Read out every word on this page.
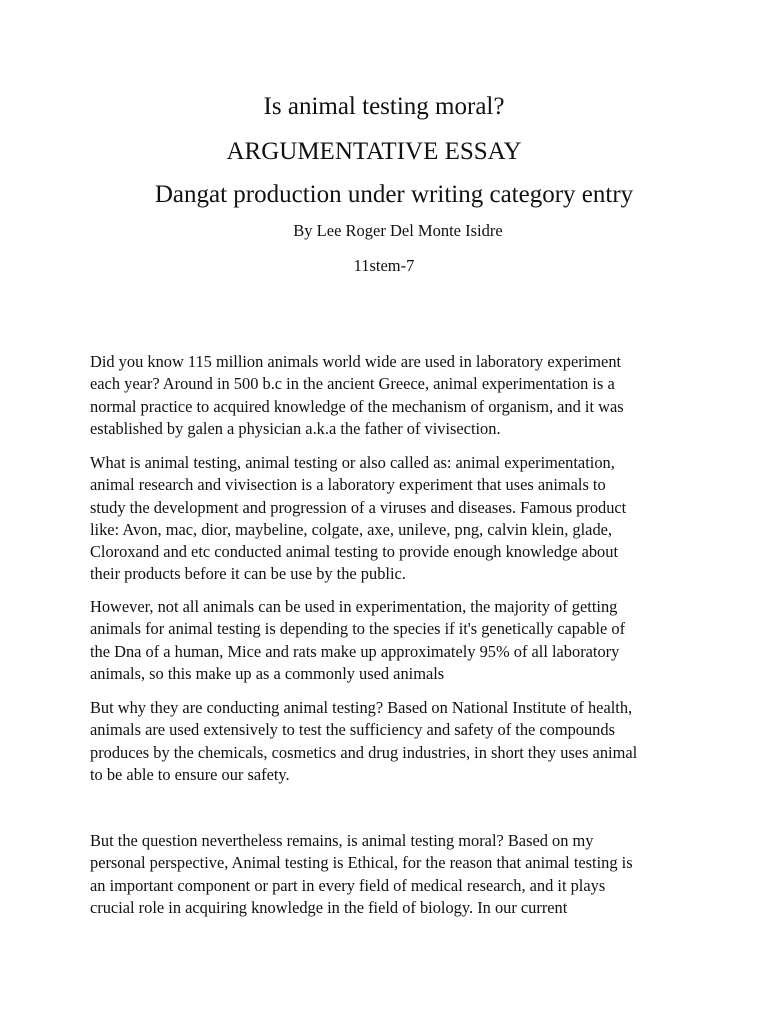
Is animal testing moral?
ARGUMENTATIVE ESSAY
Dangat production under writing category entry
By Lee Roger Del Monte Isidre
11stem-7

Did you know 115 million animals world wide are used in laboratory experiment
each year? Around in 500 b.c in the ancient Greece, animal experimentation is a
normal practice to acquired knowledge of the mechanism of organism, and it was
established by galen a physician a.k.a the father of vivisection.

What is animal testing, animal testing or also called as: animal experimentation,
animal research and vivisection is a laboratory experiment that uses animals to
study the development and progression of a viruses and diseases. Famous product
like: Avon, mac, dior, maybeline, colgate, axe, unileve, png, calvin klein, glade,
Cloroxand and etc conducted animal testing to provide enough knowledge about
their products before it can be use by the public.

However, not all animals can be used in experimentation, the majority of getting
animals for animal testing is depending to the species if it's genetically capable of
the Dna of a human, Mice and rats make up approximately 95% of all laboratory
animals, so this make up as a commonly used animals

But why they are conducting animal testing? Based on National Institute of health,
animals are used extensively to test the sufficiency and safety of the compounds
produces by the chemicals, cosmetics and drug industries, in short they uses animal
to be able to ensure our safety.

But the question nevertheless remains, is animal testing moral? Based on my
personal perspective, Animal testing is Ethical, for the reason that animal testing is
an important component or part in every field of medical research, and it plays
crucial role in acquiring knowledge in the field of biology. In our current
